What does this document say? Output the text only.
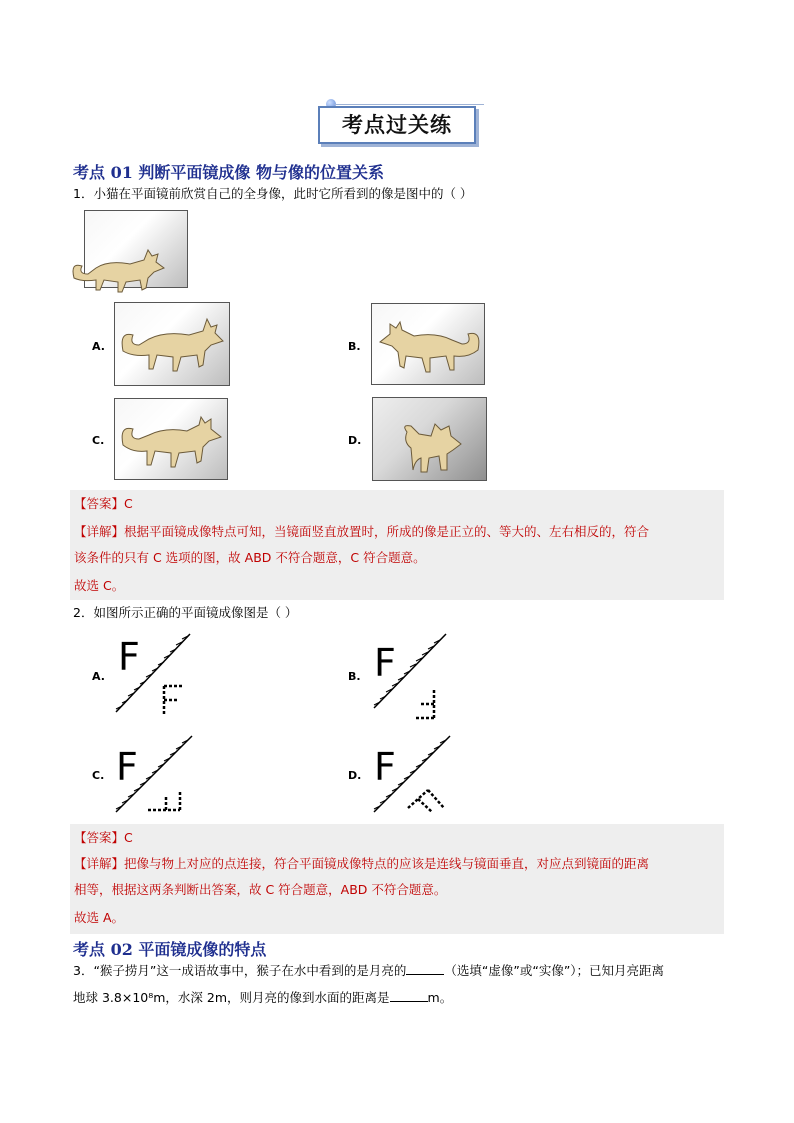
考点过关练
考点 01 判断平面镜成像 物与像的位置关系
1．小猫在平面镜前欣赏自己的全身像，此时它所看到的像是图中的（ ）
A.	B.
C.	D.
【答案】C
【详解】根据平面镜成像特点可知，当镜面竖直放置时，所成的像是正立的、等大的、左右相反的，符合
该条件的只有 C 选项的图，故 ABD 不符合题意，C 符合题意。
故选 C。
2．如图所示正确的平面镜成像图是（ ）
A. F	B. F
C. F	D. F
【答案】C
【详解】把像与物上对应的点连接，符合平面镜成像特点的应该是连线与镜面垂直，对应点到镜面的距离
相等，根据这两条判断出答案，故 C 符合题意，ABD 不符合题意。
故选 A。
考点 02 平面镜成像的特点
3．“猴子捞月”这一成语故事中，猴子在水中看到的是月亮的	（选填“虚像”或“实像”）；已知月亮距离
地球 3.8×10⁸m，水深 2m，则月亮的像到水面的距离是	m。
